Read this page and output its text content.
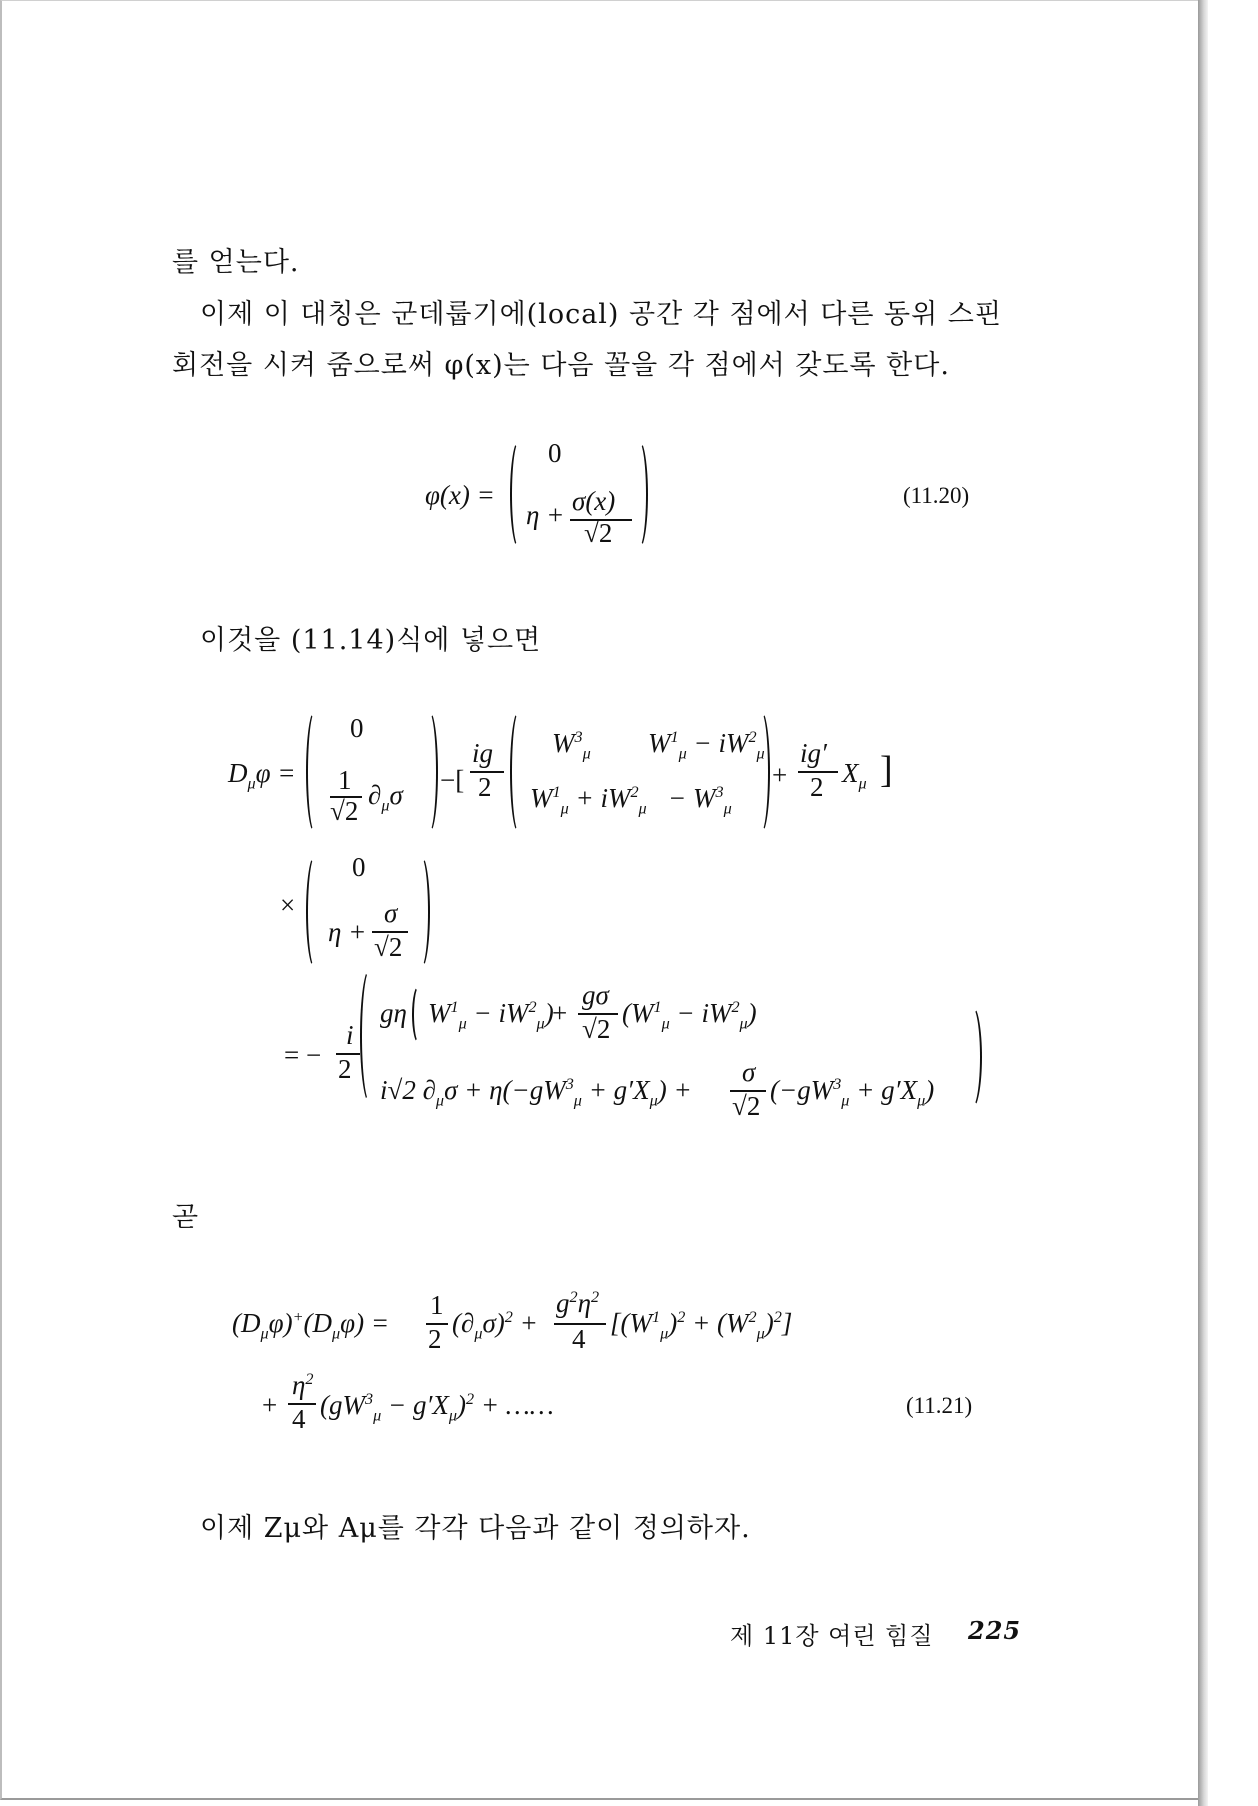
를 얻는다.
이제 이 대칭은 군데룹기에(local) 공간 각 점에서 다른 동위 스핀
회전을 시켜 줌으로써 φ(x)는 다음 꼴을 각 점에서 갖도록 한다.
φ(x) =
0
η + σ(x)
√2
(11.20)
이것을 (11.14)식에 넣으면
$D_\mu\varphi$ =
0
1
√2
$\partial_\mu\sigma$ −[
ig
2
$W^3_\mu$ $W^1_\mu - iW^2_\mu$
$W^1_\mu + iW^2_\mu - W^3_\mu$
+
ig′
2 $X_\mu$ ]
×
0
η +
σ
√2
= −
i
2
gη $W^1_\mu - iW^2_\mu$)
+
gσ
√2
$(W^1_\mu - iW^2_\mu)$
i√2 $\partial_\mu\sigma + \eta(-gW^3_\mu + g'X_\mu)$ +
σ
√2
$(-gW^3_\mu + g'X_\mu)$
곧
$(D_\mu\varphi)^+(D_\mu\varphi)$ =
1
2
$(\partial_\mu\sigma)^2$ +
$g^2\eta^2$
4
$[(W^1_\mu)^2 + (W^2_\mu)^2]$
+
$\eta^2$
4 $(gW^3_\mu - g'X_\mu)^2$ + ……	(11.21)
이제 Zμ와 Aμ를 각각 다음과 같이 정의하자.
제 11장 여린 힘질 225
